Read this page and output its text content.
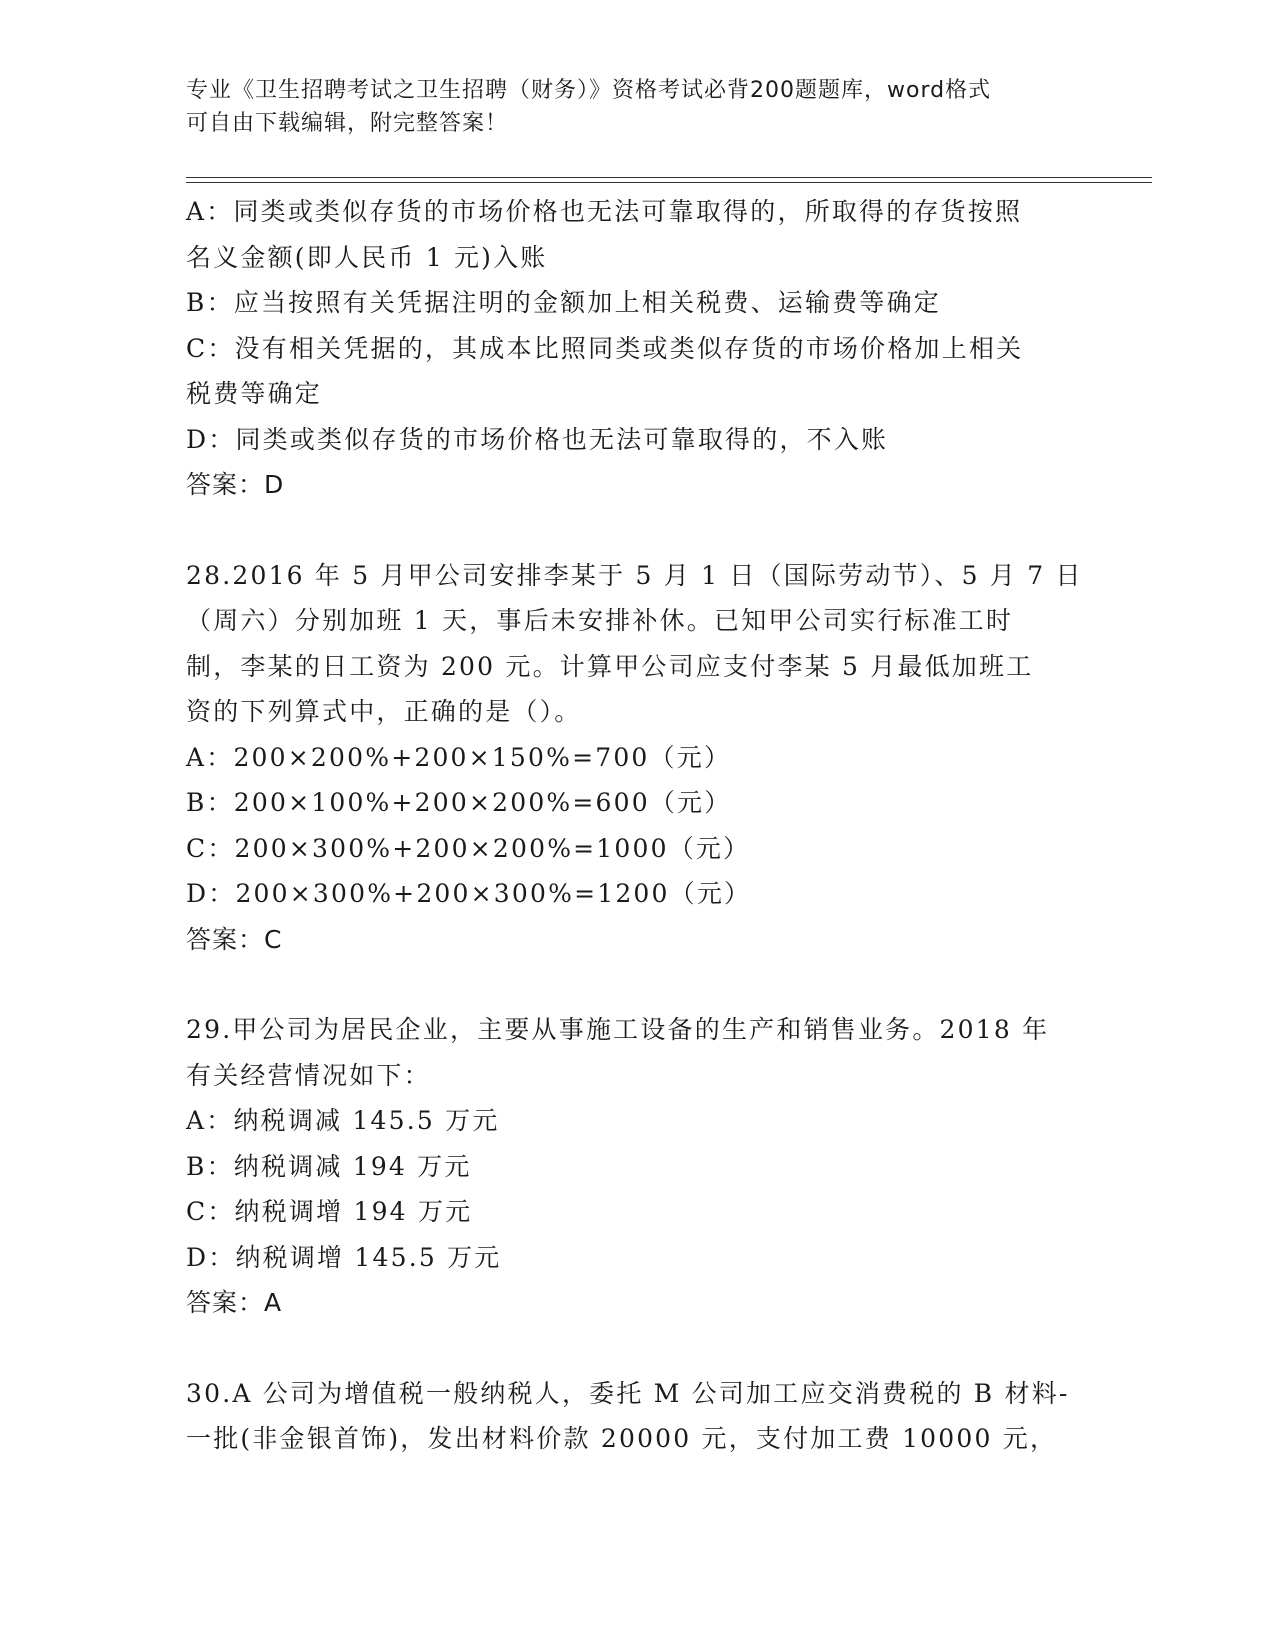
专业《卫生招聘考试之卫生招聘（财务）》资格考试必背200题题库，word格式

可自由下载编辑，附完整答案！

A：同类或类似存货的市场价格也无法可靠取得的，所取得的存货按照

名义金额(即人民币 1 元)入账

B：应当按照有关凭据注明的金额加上相关税费、运输费等确定

C：没有相关凭据的，其成本比照同类或类似存货的市场价格加上相关

税费等确定

D：同类或类似存货的市场价格也无法可靠取得的，不入账

答案：D

28.2016 年 5 月甲公司安排李某于 5 月 1 日（国际劳动节）、5 月 7 日

（周六）分别加班 1 天，事后未安排补休。已知甲公司实行标准工时

制，李某的日工资为 200 元。计算甲公司应支付李某 5 月最低加班工

资的下列算式中，正确的是（）。

A：200×200%+200×150%=700（元）

B：200×100%+200×200%=600（元）

C：200×300%+200×200%=1000（元）

D：200×300%+200×300%=1200（元）

答案：C

29.甲公司为居民企业，主要从事施工设备的生产和销售业务。2018 年

有关经营情况如下：

A：纳税调减 145.5 万元

B：纳税调减 194 万元

C：纳税调增 194 万元

D：纳税调增 145.5 万元

答案：A

30.A 公司为增值税一般纳税人，委托 M 公司加工应交消费税的 B 材料-

一批(非金银首饰)，发出材料价款 20000 元，支付加工费 10000 元，
